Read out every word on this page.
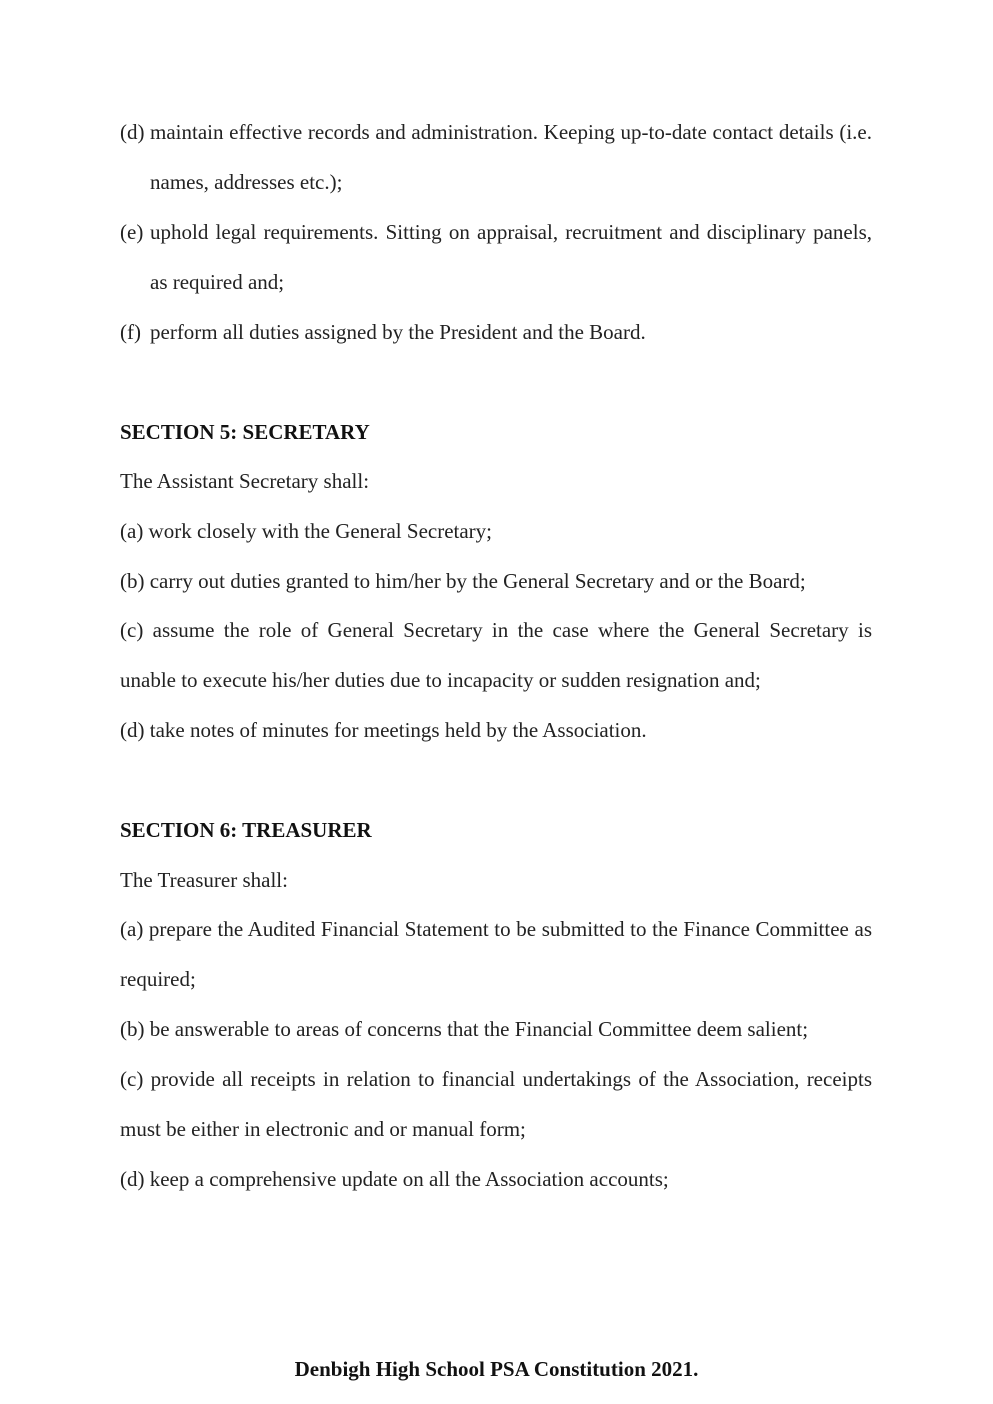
(d) maintain effective records and administration. Keeping up-to-date contact details (i.e. names, addresses etc.);
(e) uphold legal requirements. Sitting on appraisal, recruitment and disciplinary panels, as required and;
(f) perform all duties assigned by the President and the Board.

SECTION 5: SECRETARY

The Assistant Secretary shall:

(a) work closely with the General Secretary;

(b) carry out duties granted to him/her by the General Secretary and or the Board;

(c) assume the role of General Secretary in the case where the General Secretary is unable to execute his/her duties due to incapacity or sudden resignation and;

(d) take notes of minutes for meetings held by the Association.

SECTION 6: TREASURER

The Treasurer shall:

(a) prepare the Audited Financial Statement to be submitted to the Finance Committee as required;

(b) be answerable to areas of concerns that the Financial Committee deem salient;

(c) provide all receipts in relation to financial undertakings of the Association, receipts must be either in electronic and or manual form;

(d) keep a comprehensive update on all the Association accounts;

Denbigh High School PSA Constitution 2021.
